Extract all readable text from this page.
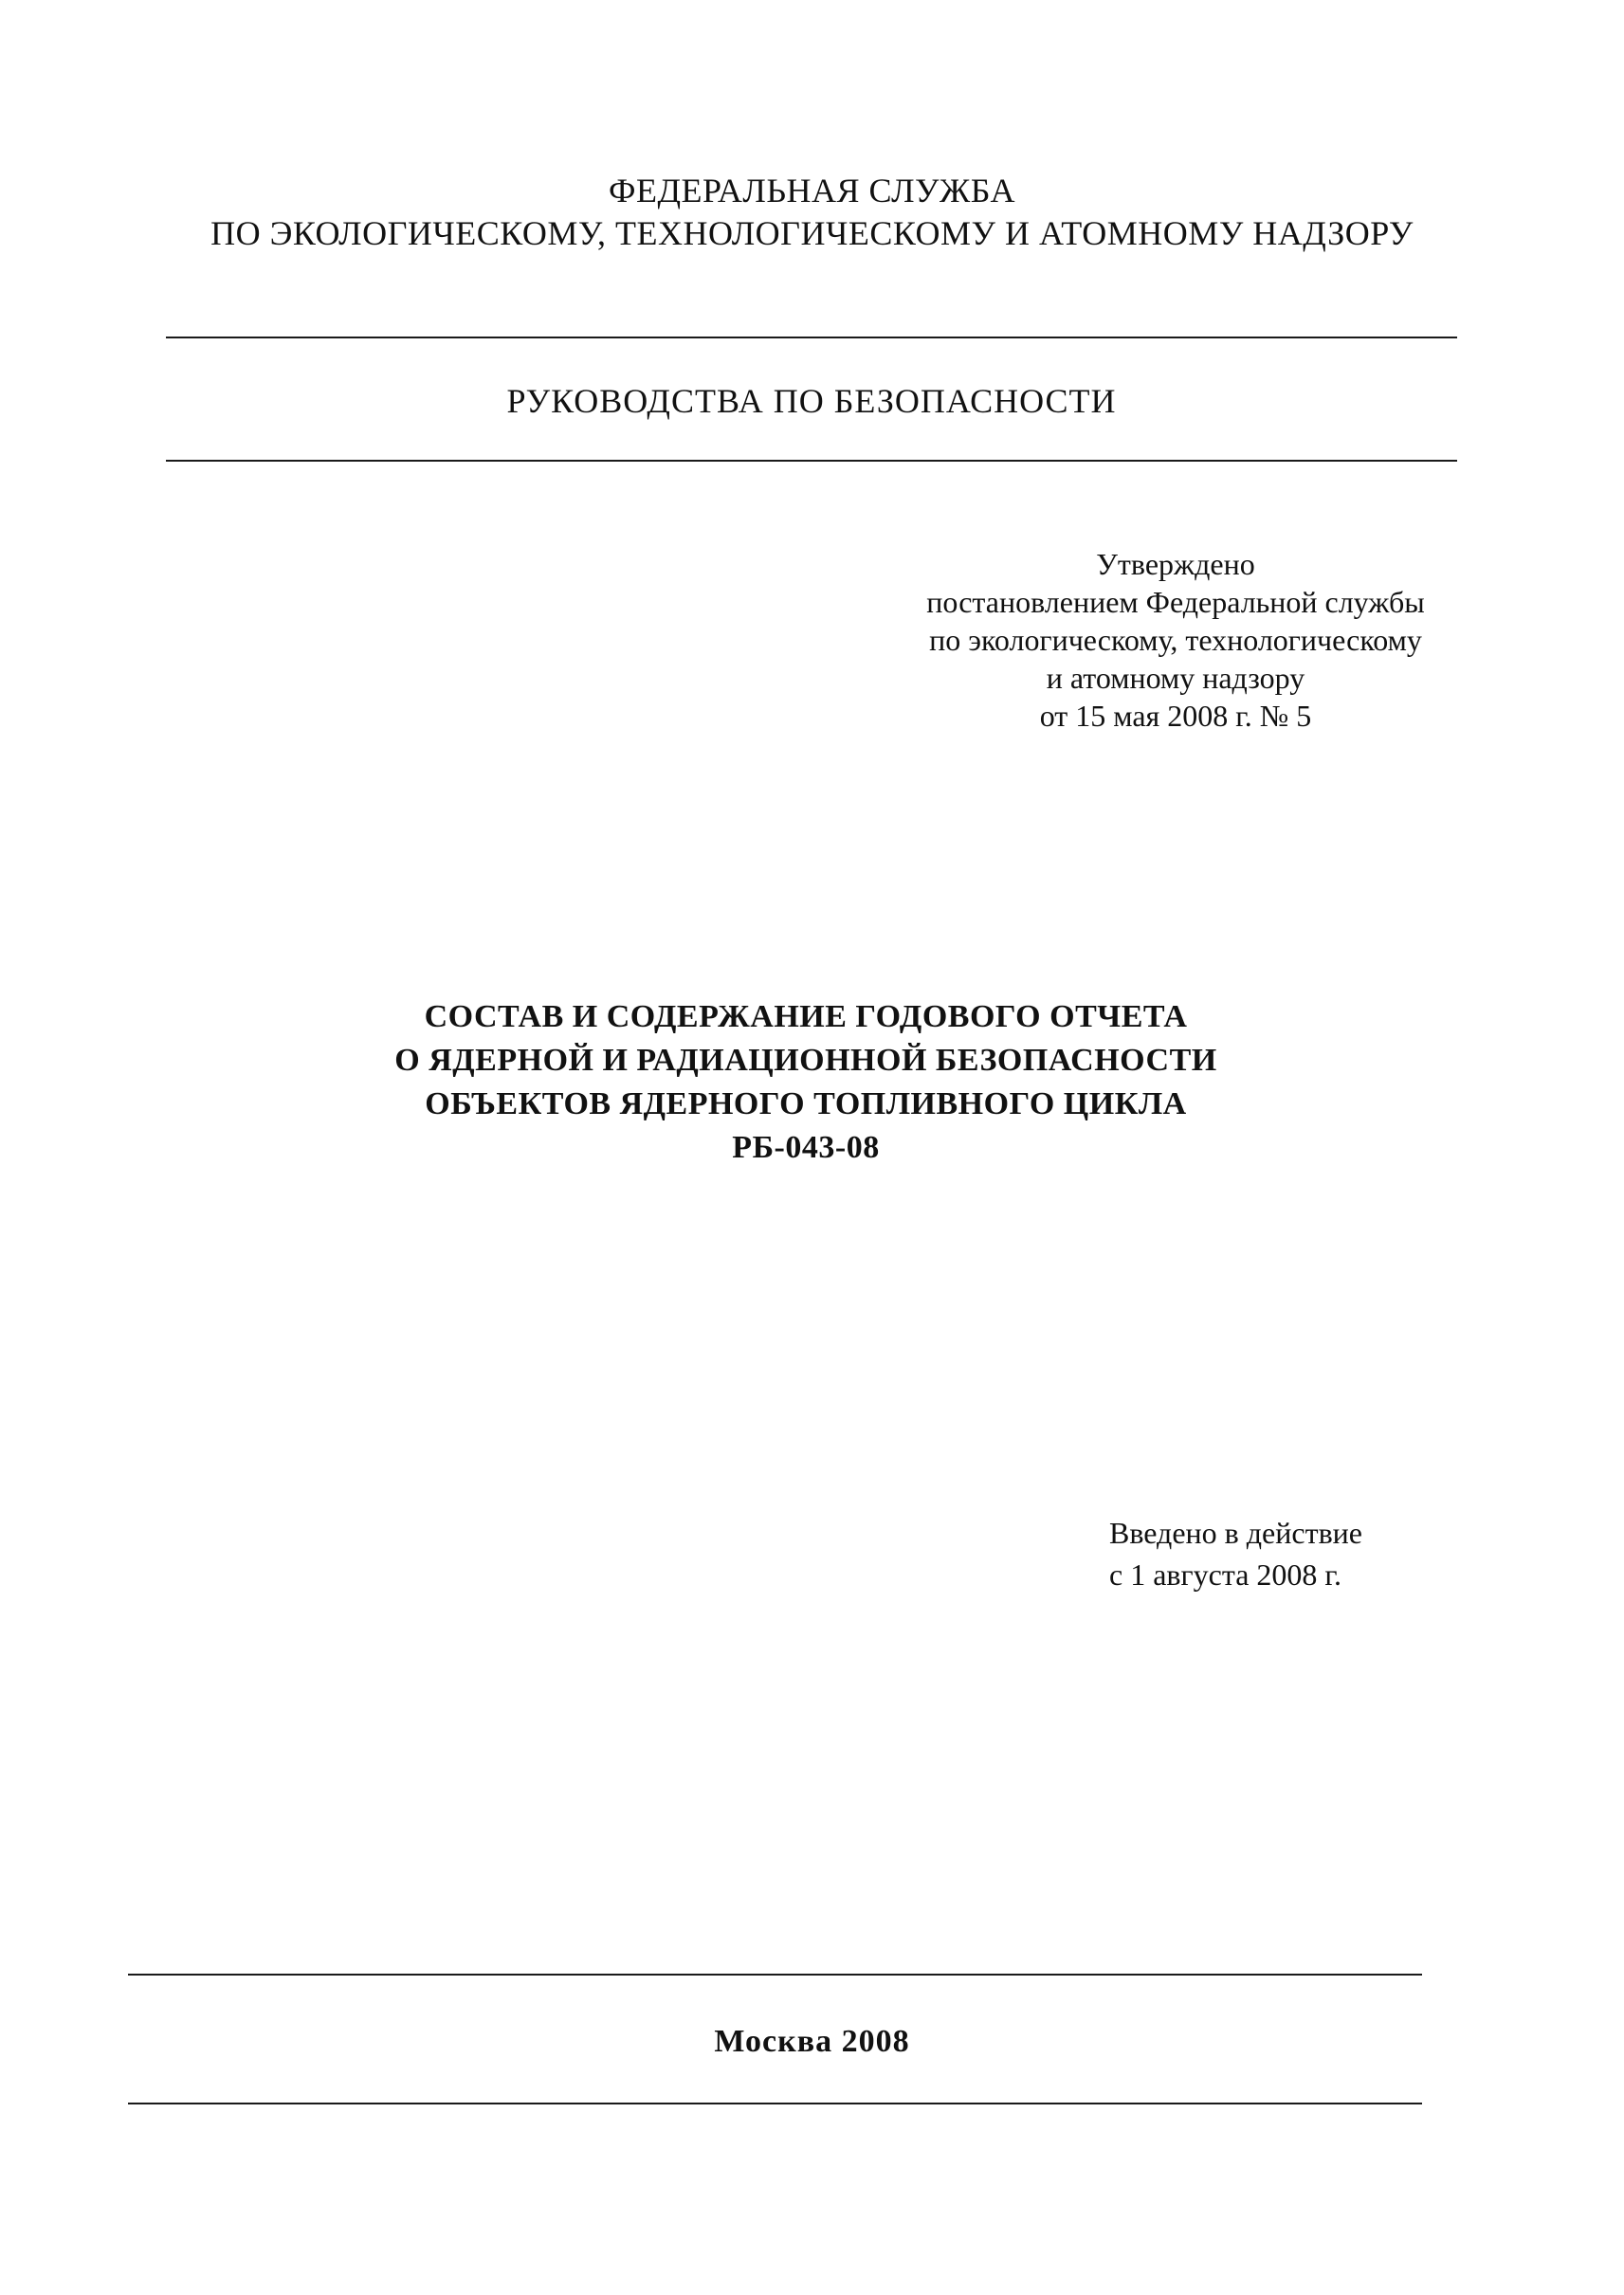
ФЕДЕРАЛЬНАЯ СЛУЖБА
ПО ЭКОЛОГИЧЕСКОМУ, ТЕХНОЛОГИЧЕСКОМУ И АТОМНОМУ НАДЗОРУ
РУКОВОДСТВА ПО БЕЗОПАСНОСТИ
Утверждено
постановлением Федеральной службы
по экологическому, технологическому
и атомному надзору
от 15 мая 2008 г. № 5
СОСТАВ И СОДЕРЖАНИЕ ГОДОВОГО ОТЧЕТА
О ЯДЕРНОЙ И РАДИАЦИОННОЙ БЕЗОПАСНОСТИ
ОБЪЕКТОВ ЯДЕРНОГО ТОПЛИВНОГО ЦИКЛА
РБ-043-08
Введено в действие
с 1 августа 2008 г.
Москва 2008
